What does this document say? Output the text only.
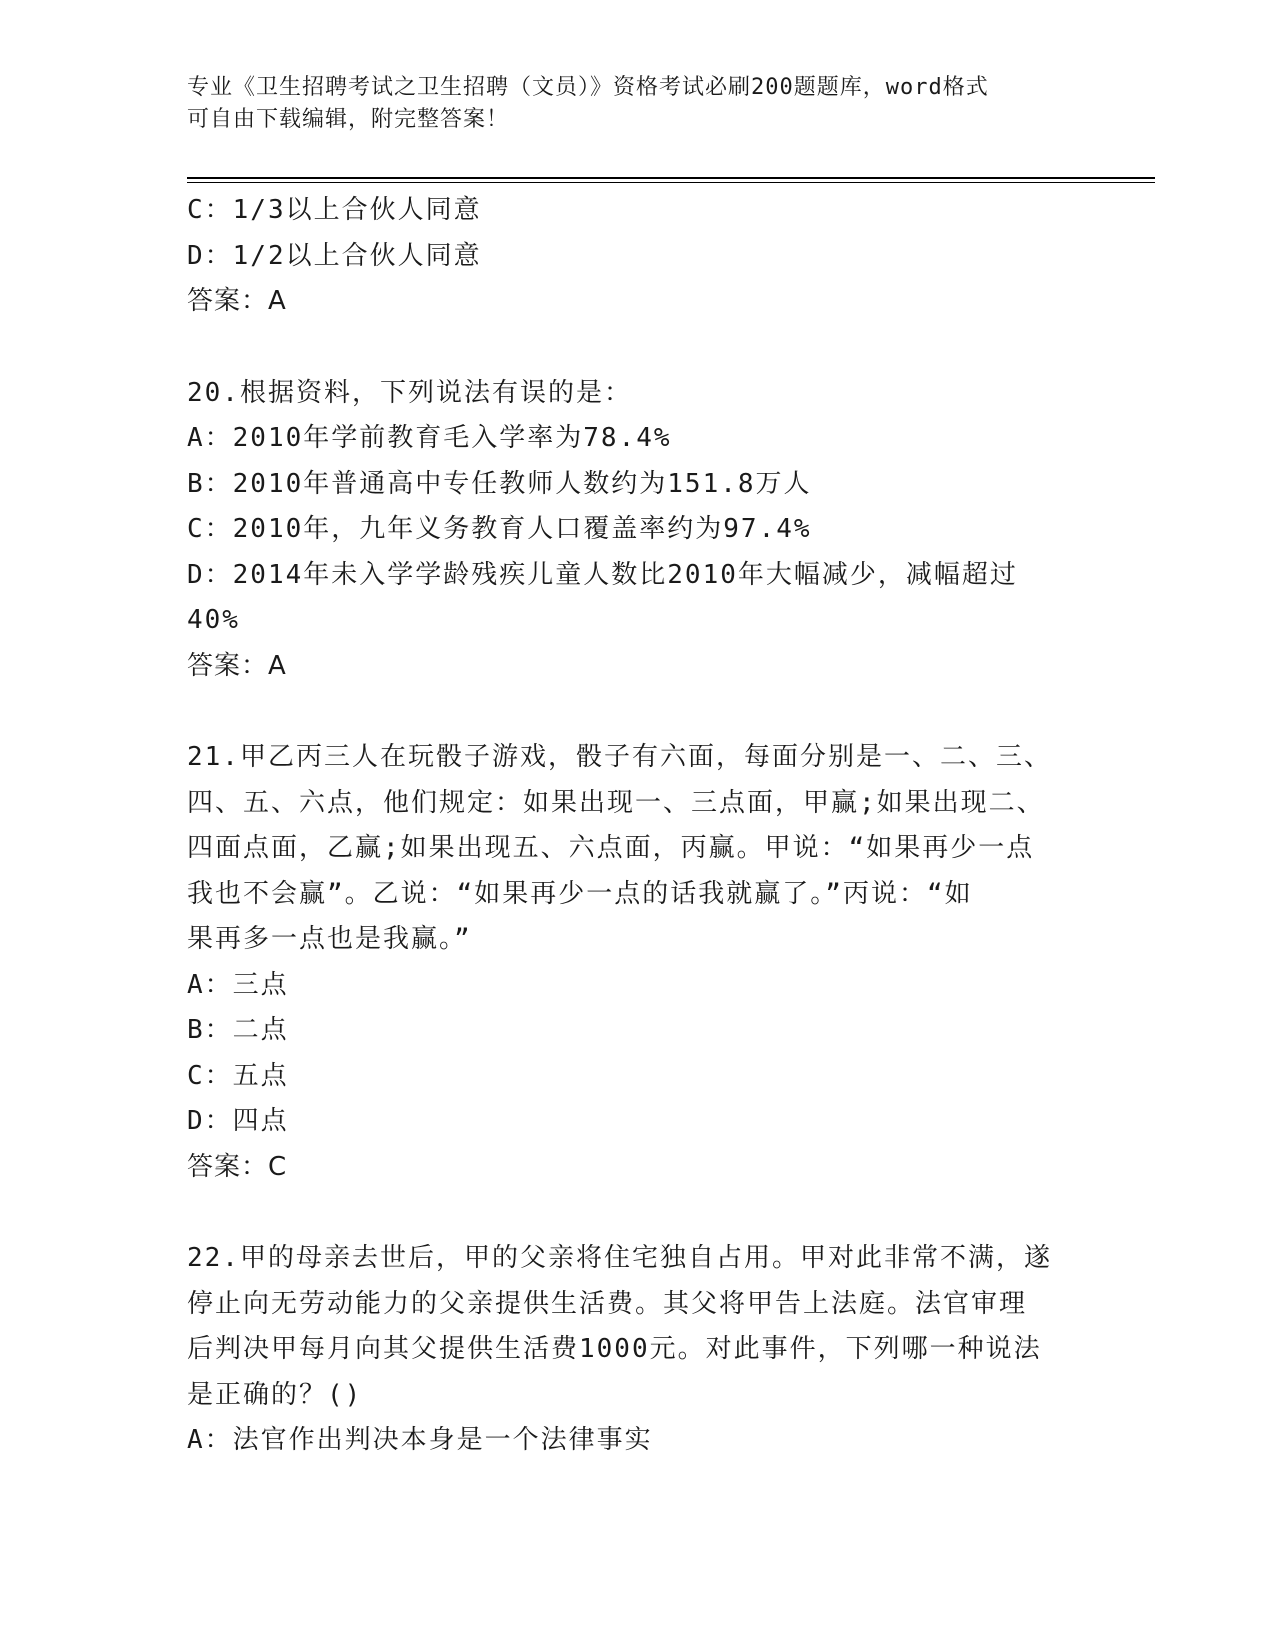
专业《卫生招聘考试之卫生招聘（文员）》资格考试必刷200题题库，word格式
可自由下载编辑，附完整答案！
C：1/3以上合伙人同意
D：1/2以上合伙人同意
答案：A
20.根据资料，下列说法有误的是：
A：2010年学前教育毛入学率为78.4%
B：2010年普通高中专任教师人数约为151.8万人
C：2010年，九年义务教育人口覆盖率约为97.4%
D：2014年未入学学龄残疾儿童人数比2010年大幅减少，减幅超过
40%
答案：A
21.甲乙丙三人在玩骰子游戏，骰子有六面，每面分别是一、二、三、
四、五、六点，他们规定：如果出现一、三点面，甲赢;如果出现二、
四面点面，乙赢;如果出现五、六点面，丙赢。甲说：“如果再少一点
我也不会赢”。乙说：“如果再少一点的话我就赢了。”丙说：“如
果再多一点也是我赢。”
A：三点
B：二点
C：五点
D：四点
答案：C
22.甲的母亲去世后，甲的父亲将住宅独自占用。甲对此非常不满，遂
停止向无劳动能力的父亲提供生活费。其父将甲告上法庭。法官审理
后判决甲每月向其父提供生活费1000元。对此事件，下列哪一种说法
是正确的？()
A：法官作出判决本身是一个法律事实
